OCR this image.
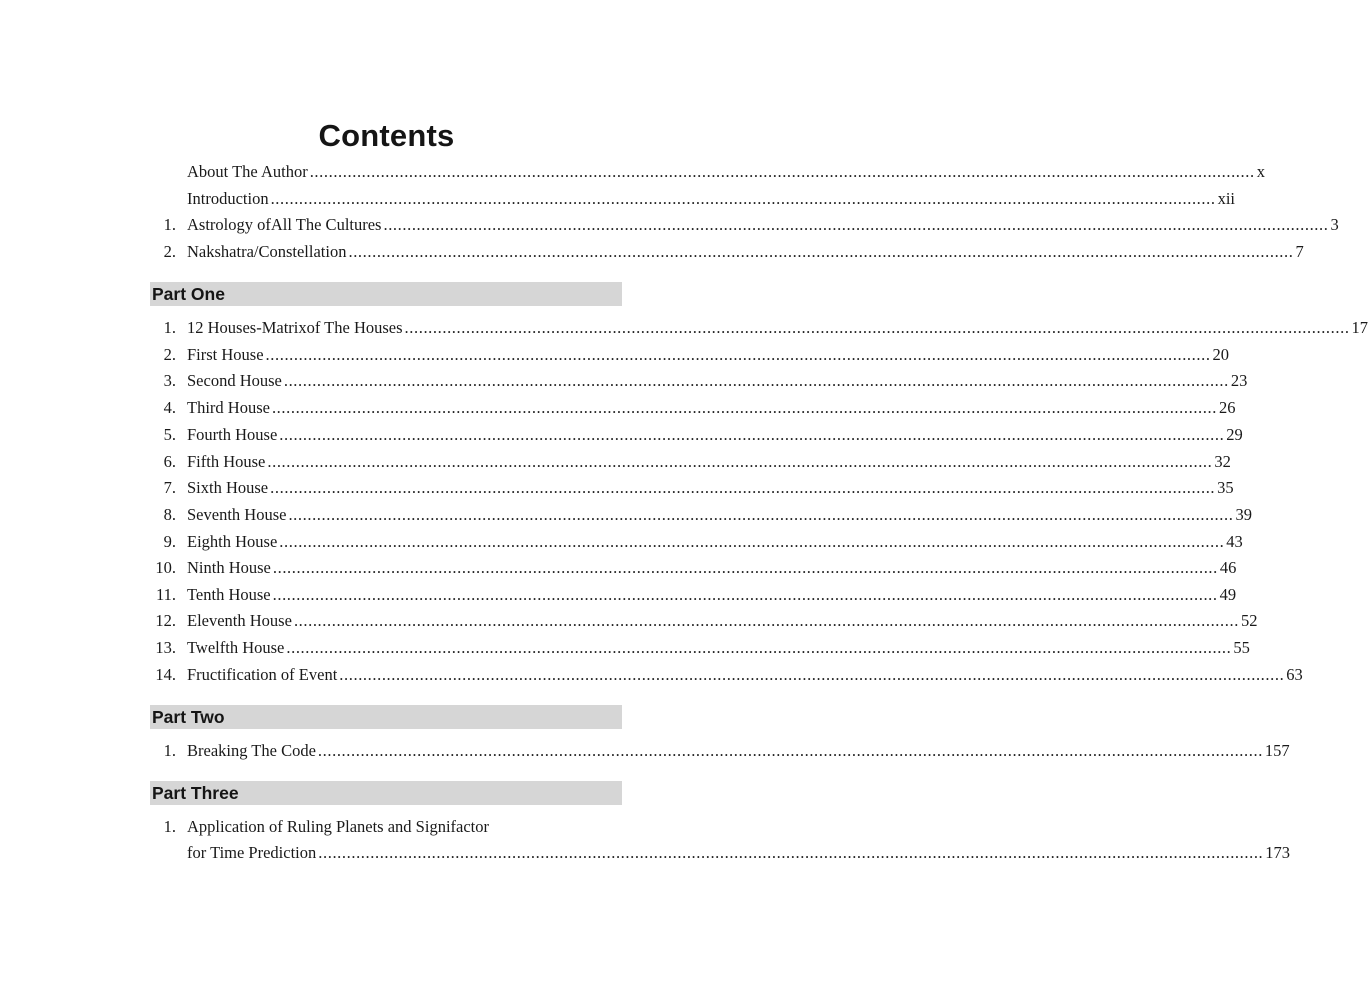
Contents
About The Author ........................................................................................................................................................................................................ x
Introduction ........................................................................................................................................................................................................ xii
1. Astrology ofAll The Cultures ........................................................................................................................................................................................................ 3
2. Nakshatra/Constellation ........................................................................................................................................................................................................ 7
Part One
1. 12 Houses-Matrixof The Houses ........................................................................................................................................................................................................ 17
2. First House ........................................................................................................................................................................................................ 20
3. Second House ........................................................................................................................................................................................................ 23
4. Third House ........................................................................................................................................................................................................ 26
5. Fourth House ........................................................................................................................................................................................................ 29
6. Fifth House ........................................................................................................................................................................................................ 32
7. Sixth House ........................................................................................................................................................................................................ 35
8. Seventh House ........................................................................................................................................................................................................ 39
9. Eighth House ........................................................................................................................................................................................................ 43
10. Ninth House ........................................................................................................................................................................................................ 46
11. Tenth House ........................................................................................................................................................................................................ 49
12. Eleventh House ........................................................................................................................................................................................................ 52
13. Twelfth House ........................................................................................................................................................................................................ 55
14. Fructification of Event ........................................................................................................................................................................................................ 63
Part Two
1. Breaking The Code ........................................................................................................................................................................................................ 157
Part Three
1. Application of Ruling Planets and Signifactor
for Time Prediction ........................................................................................................................................................................................................ 173
